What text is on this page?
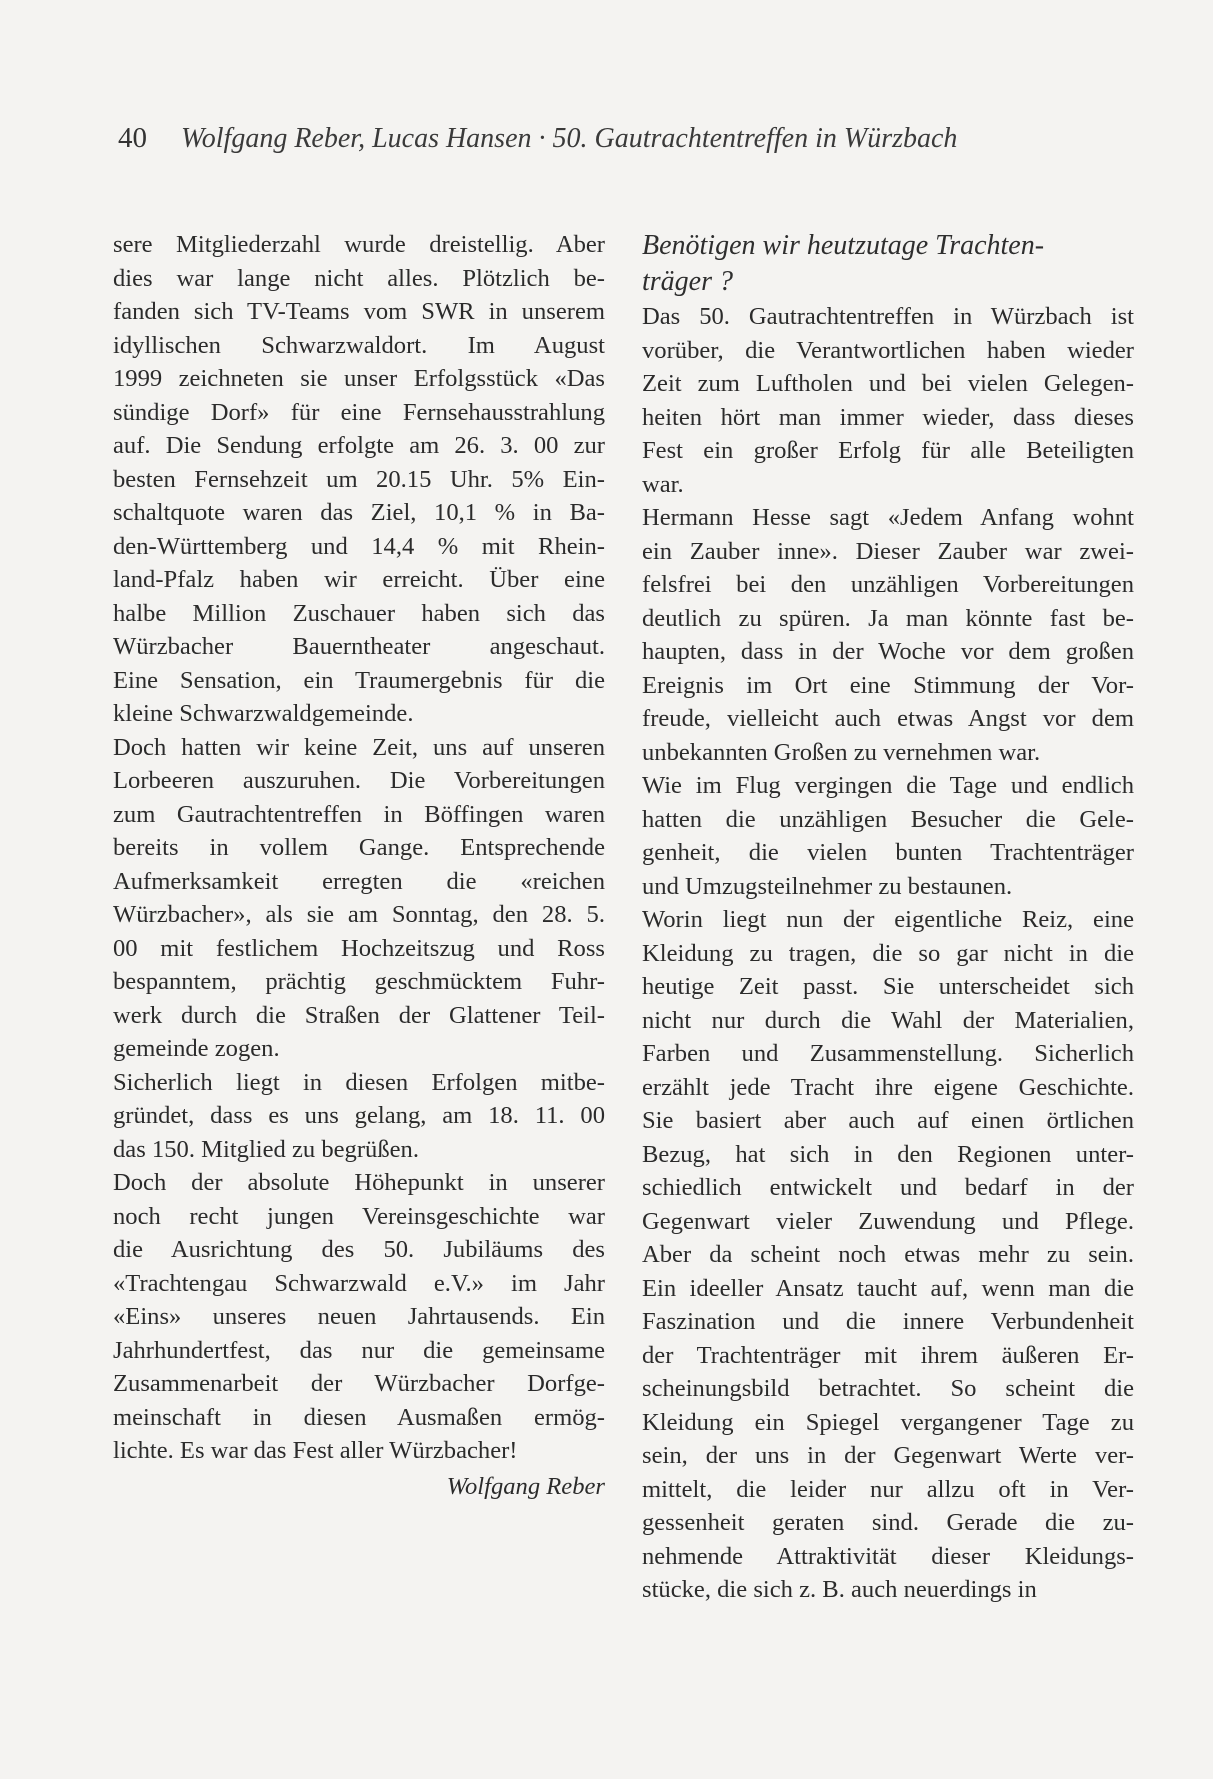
40 Wolfgang Reber, Lucas Hansen · 50. Gautrachtentreffen in Würzbach
sere Mitgliederzahl wurde dreistellig. Aber
dies war lange nicht alles. Plötzlich be-
fanden sich TV-Teams vom SWR in unserem
idyllischen Schwarzwaldort. Im August
1999 zeichneten sie unser Erfolgsstück «Das
sündige Dorf» für eine Fernsehausstrahlung
auf. Die Sendung erfolgte am 26. 3. 00 zur
besten Fernsehzeit um 20.15 Uhr. 5% Ein-
schaltquote waren das Ziel, 10,1 % in Ba-
den-Württemberg und 14,4 % mit Rhein-
land-Pfalz haben wir erreicht. Über eine
halbe Million Zuschauer haben sich das
Würzbacher Bauerntheater angeschaut.
Eine Sensation, ein Traumergebnis für die
kleine Schwarzwaldgemeinde.
Doch hatten wir keine Zeit, uns auf unseren
Lorbeeren auszuruhen. Die Vorbereitungen
zum Gautrachtentreffen in Böffingen waren
bereits in vollem Gange. Entsprechende
Aufmerksamkeit erregten die «reichen
Würzbacher», als sie am Sonntag, den 28. 5.
00 mit festlichem Hochzeitszug und Ross
bespanntem, prächtig geschmücktem Fuhr-
werk durch die Straßen der Glattener Teil-
gemeinde zogen.
Sicherlich liegt in diesen Erfolgen mitbe-
gründet, dass es uns gelang, am 18. 11. 00
das 150. Mitglied zu begrüßen.
Doch der absolute Höhepunkt in unserer
noch recht jungen Vereinsgeschichte war
die Ausrichtung des 50. Jubiläums des
«Trachtengau Schwarzwald e.V.» im Jahr
«Eins» unseres neuen Jahrtausends. Ein
Jahrhundertfest, das nur die gemeinsame
Zusammenarbeit der Würzbacher Dorfge-
meinschaft in diesen Ausmaßen ermög-
lichte. Es war das Fest aller Würzbacher!
Wolfgang Reber
Benötigen wir heutzutage Trachten-
träger ?
Das 50. Gautrachtentreffen in Würzbach ist
vorüber, die Verantwortlichen haben wieder
Zeit zum Luftholen und bei vielen Gelegen-
heiten hört man immer wieder, dass dieses
Fest ein großer Erfolg für alle Beteiligten
war.
Hermann Hesse sagt «Jedem Anfang wohnt
ein Zauber inne». Dieser Zauber war zwei-
felsfrei bei den unzähligen Vorbereitungen
deutlich zu spüren. Ja man könnte fast be-
haupten, dass in der Woche vor dem großen
Ereignis im Ort eine Stimmung der Vor-
freude, vielleicht auch etwas Angst vor dem
unbekannten Großen zu vernehmen war.
Wie im Flug vergingen die Tage und endlich
hatten die unzähligen Besucher die Gele-
genheit, die vielen bunten Trachtenträger
und Umzugsteilnehmer zu bestaunen.
Worin liegt nun der eigentliche Reiz, eine
Kleidung zu tragen, die so gar nicht in die
heutige Zeit passt. Sie unterscheidet sich
nicht nur durch die Wahl der Materialien,
Farben und Zusammenstellung. Sicherlich
erzählt jede Tracht ihre eigene Geschichte.
Sie basiert aber auch auf einen örtlichen
Bezug, hat sich in den Regionen unter-
schiedlich entwickelt und bedarf in der
Gegenwart vieler Zuwendung und Pflege.
Aber da scheint noch etwas mehr zu sein.
Ein ideeller Ansatz taucht auf, wenn man die
Faszination und die innere Verbundenheit
der Trachtenträger mit ihrem äußeren Er-
scheinungsbild betrachtet. So scheint die
Kleidung ein Spiegel vergangener Tage zu
sein, der uns in der Gegenwart Werte ver-
mittelt, die leider nur allzu oft in Ver-
gessenheit geraten sind. Gerade die zu-
nehmende Attraktivität dieser Kleidungs-
stücke, die sich z. B. auch neuerdings in
